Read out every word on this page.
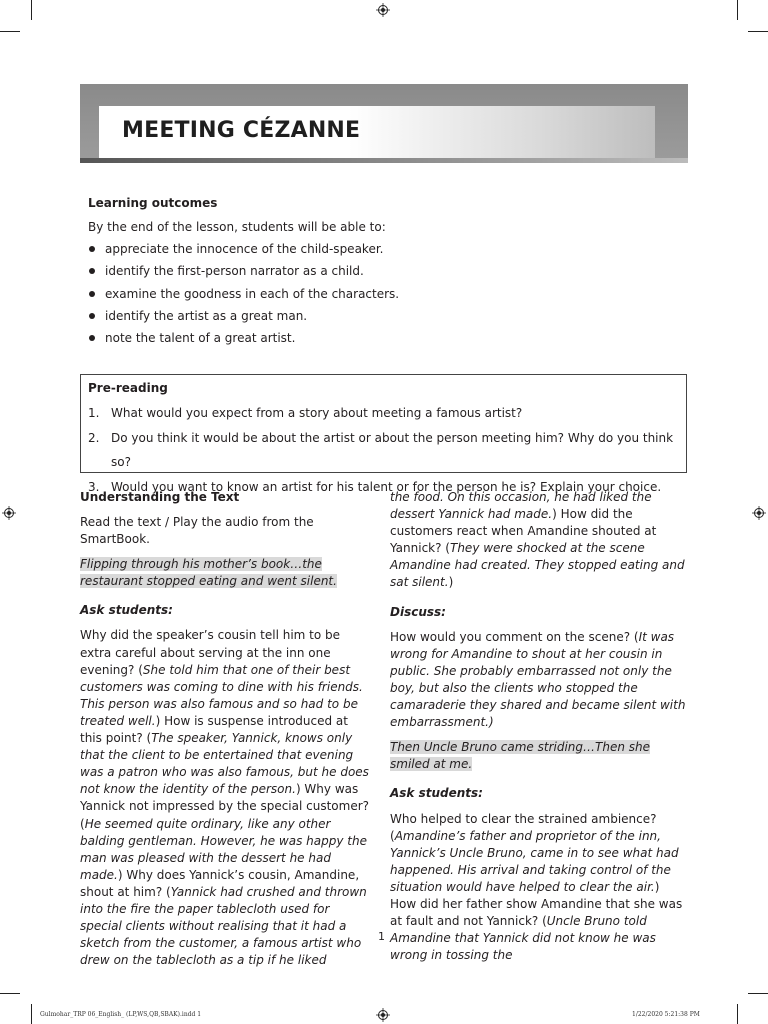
MEETING CÉZANNE
Learning outcomes
By the end of the lesson, students will be able to:
appreciate the innocence of the child-speaker.
identify the first-person narrator as a child.
examine the goodness in each of the characters.
identify the artist as a great man.
note the talent of a great artist.
Pre-reading
1. What would you expect from a story about meeting a famous artist?
2. Do you think it would be about the artist or about the person meeting him? Why do you think so?
3. Would you want to know an artist for his talent or for the person he is? Explain your choice.

Understanding the Text

Read the text / Play the audio from the SmartBook.

Flipping through his mother’s book…the restaurant stopped eating and went silent.

Ask students:

Why did the speaker’s cousin tell him to be extra careful about serving at the inn one evening? (She told him that one of their best customers was coming to dine with his friends. This person was also famous and so had to be treated well.) How is suspense introduced at this point? (The speaker, Yannick, knows only that the client to be entertained that evening was a patron who was also famous, but he does not know the identity of the person.) Why was Yannick not impressed by the special customer? (He seemed quite ordinary, like any other balding gentleman. However, he was happy the man was pleased with the dessert he had made.) Why does Yannick’s cousin, Amandine, shout at him? (Yannick had crushed and thrown into the fire the paper tablecloth used for special clients without realising that it had a sketch from the customer, a famous artist who drew on the tablecloth as a tip if he liked

the food. On this occasion, he had liked the dessert Yannick had made.) How did the customers react when Amandine shouted at Yannick? (They were shocked at the scene Amandine had created. They stopped eating and sat silent.)

Discuss:

How would you comment on the scene? (It was wrong for Amandine to shout at her cousin in public. She probably embarrassed not only the boy, but also the clients who stopped the camaraderie they shared and became silent with embarrassment.)

Then Uncle Bruno came striding…Then she smiled at me.

Ask students:

Who helped to clear the strained ambience? (Amandine’s father and proprietor of the inn, Yannick’s Uncle Bruno, came in to see what had happened. His arrival and taking control of the situation would have helped to clear the air.) How did her father show Amandine that she was at fault and not Yannick? (Uncle Bruno told Amandine that Yannick did not know he was wrong in tossing the

1
Gulmohar_TRP 06_English_ (LP,WS,QB,SBAK).indd 1	1/22/2020 5:21:38 PM
